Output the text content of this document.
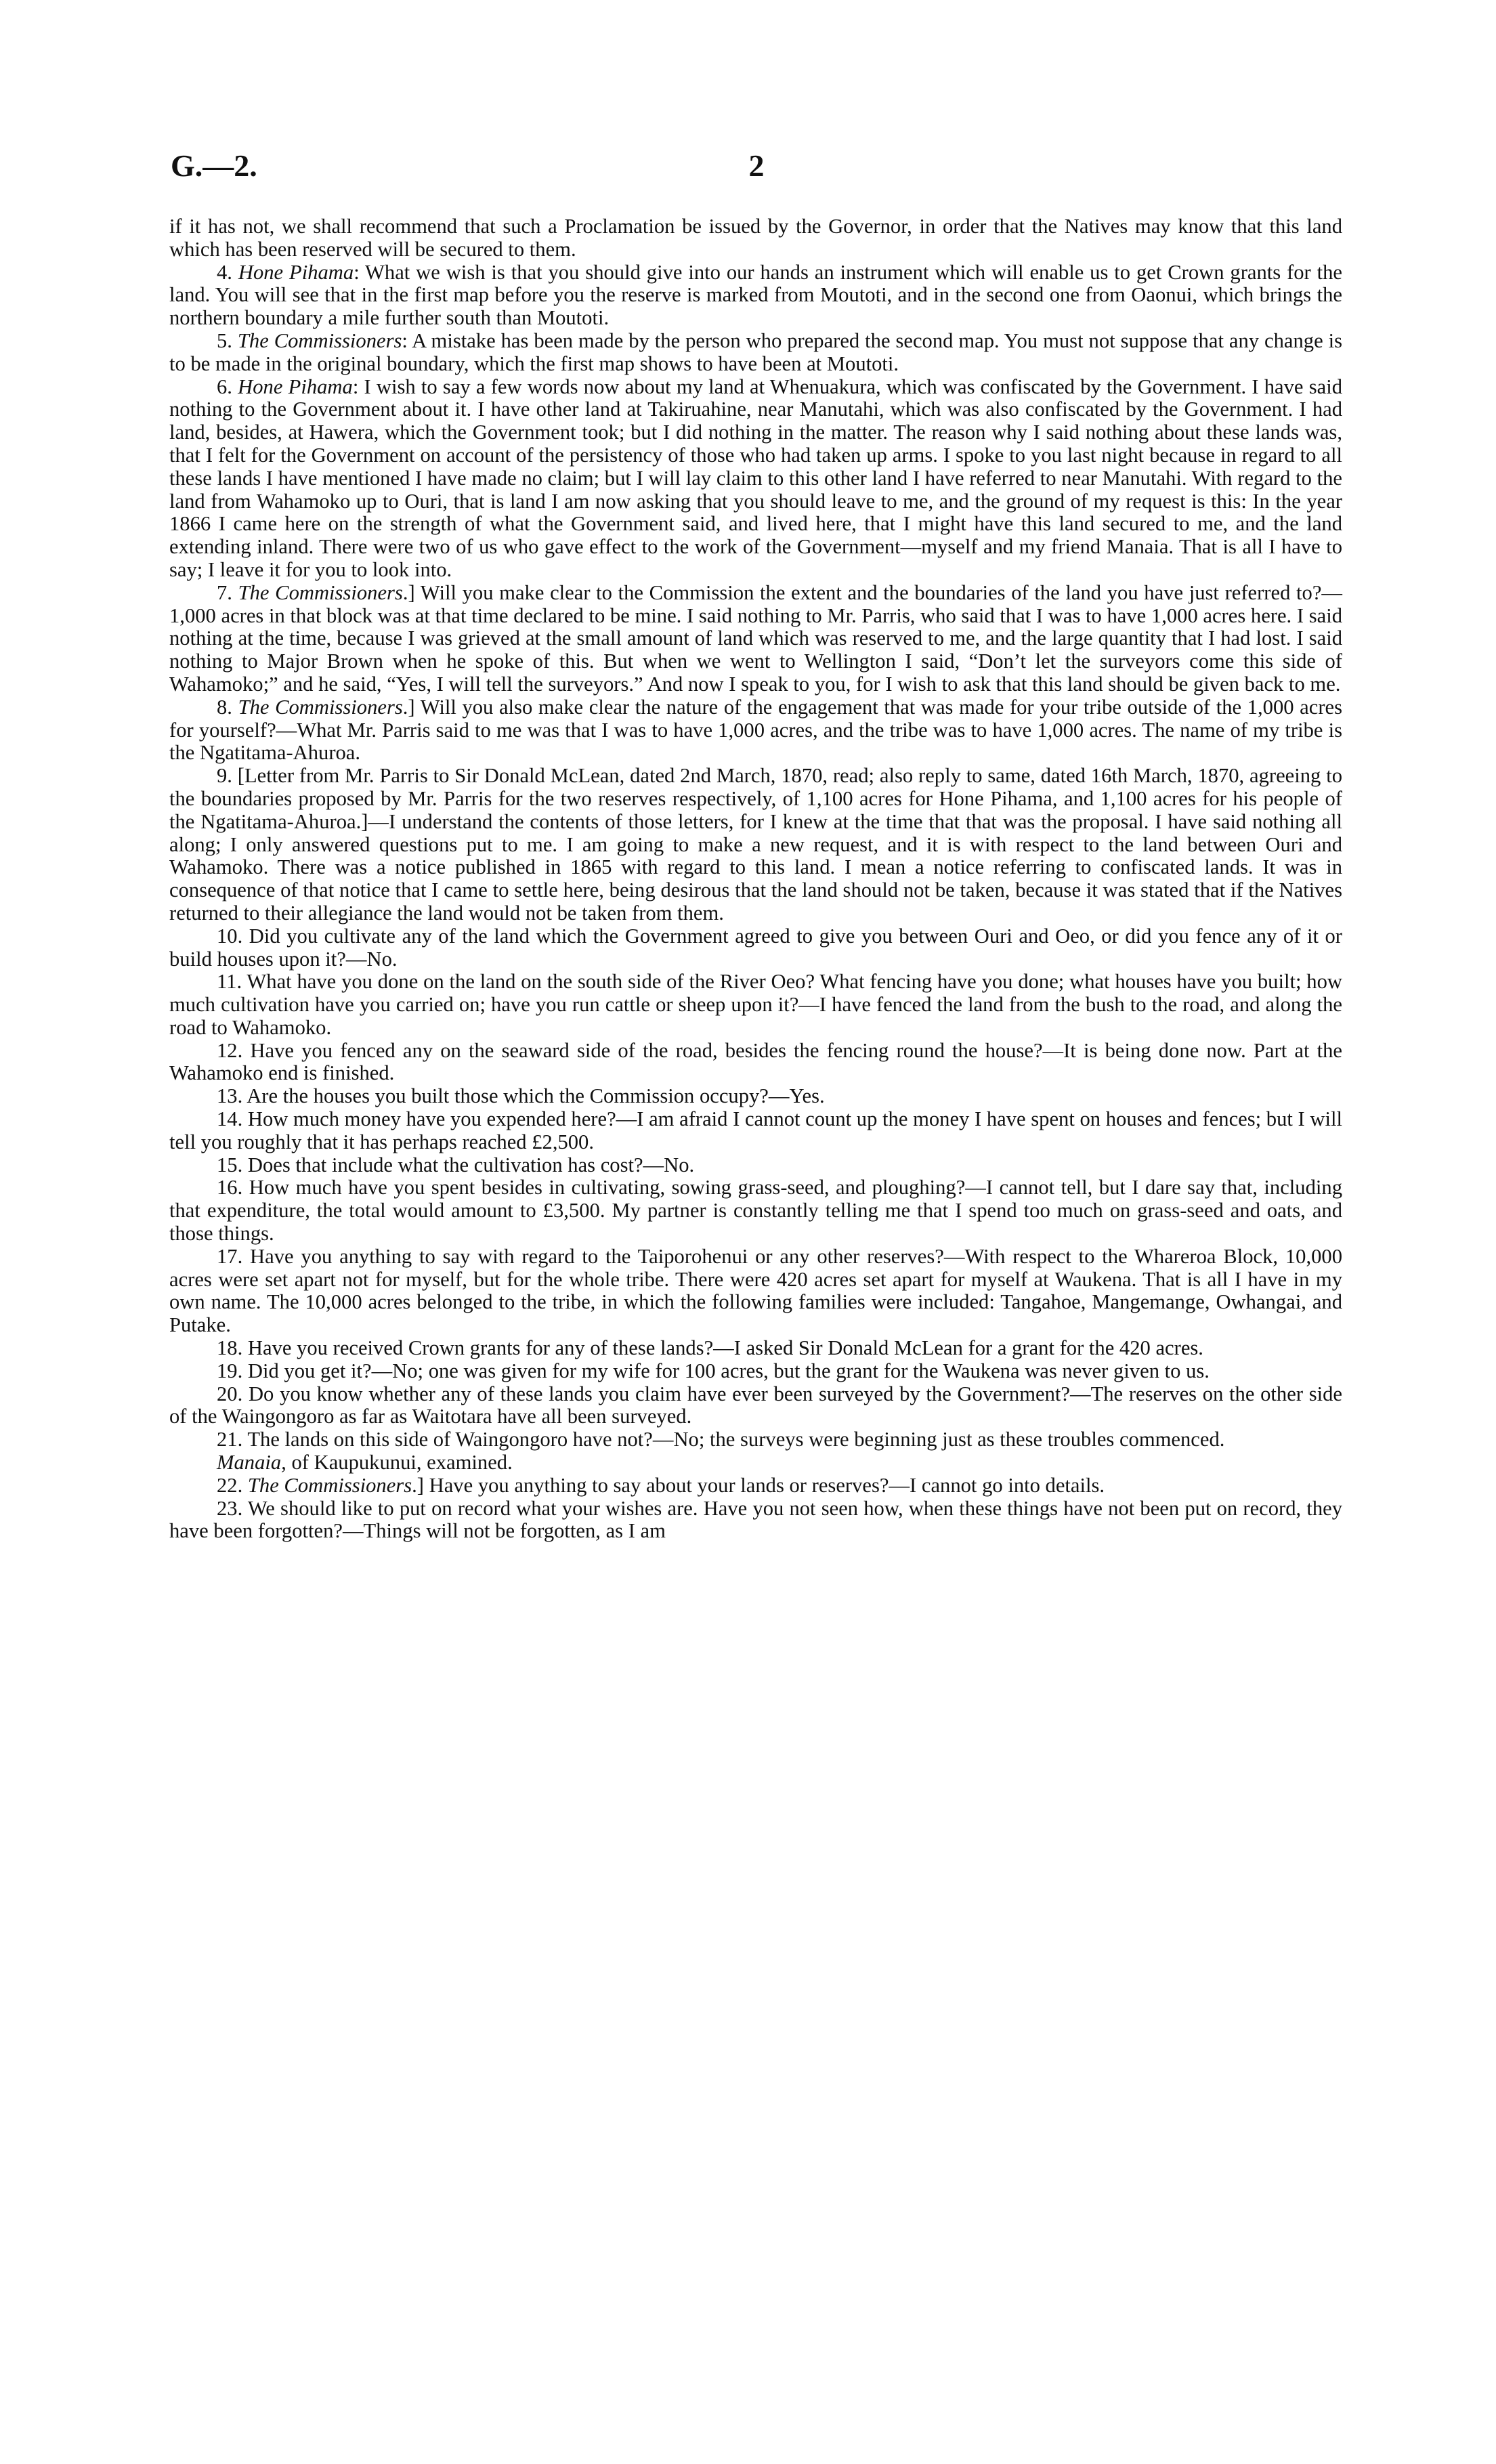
G.—2.	2

if it has not, we shall recommend that such a Proclamation be issued by the Governor, in order that the Natives may know that this land which has been reserved will be secured to them.

4. Hone Pihama: What we wish is that you should give into our hands an instrument which will enable us to get Crown grants for the land. You will see that in the first map before you the reserve is marked from Moutoti, and in the second one from Oaonui, which brings the northern boundary a mile further south than Moutoti.

5. The Commissioners: A mistake has been made by the person who prepared the second map. You must not suppose that any change is to be made in the original boundary, which the first map shows to have been at Moutoti.

6. Hone Pihama: I wish to say a few words now about my land at Whenuakura, which was confiscated by the Government. I have said nothing to the Government about it. I have other land at Takiruahine, near Manutahi, which was also confiscated by the Government. I had land, besides, at Hawera, which the Government took; but I did nothing in the matter. The reason why I said nothing about these lands was, that I felt for the Government on account of the persistency of those who had taken up arms. I spoke to you last night because in regard to all these lands I have mentioned I have made no claim; but I will lay claim to this other land I have referred to near Manutahi. With regard to the land from Wahamoko up to Ouri, that is land I am now asking that you should leave to me, and the ground of my request is this: In the year 1866 I came here on the strength of what the Government said, and lived here, that I might have this land secured to me, and the land extending inland. There were two of us who gave effect to the work of the Government—myself and my friend Manaia. That is all I have to say; I leave it for you to look into.

7. The Commissioners.] Will you make clear to the Commission the extent and the boundaries of the land you have just referred to?—1,000 acres in that block was at that time declared to be mine. I said nothing to Mr. Parris, who said that I was to have 1,000 acres here. I said nothing at the time, because I was grieved at the small amount of land which was reserved to me, and the large quantity that I had lost. I said nothing to Major Brown when he spoke of this. But when we went to Wellington I said, “Don’t let the surveyors come this side of Wahamoko;” and he said, “Yes, I will tell the surveyors.” And now I speak to you, for I wish to ask that this land should be given back to me.

8. The Commissioners.] Will you also make clear the nature of the engagement that was made for your tribe outside of the 1,000 acres for yourself?—What Mr. Parris said to me was that I was to have 1,000 acres, and the tribe was to have 1,000 acres. The name of my tribe is the Ngatitama-Ahuroa.

9. [Letter from Mr. Parris to Sir Donald McLean, dated 2nd March, 1870, read; also reply to same, dated 16th March, 1870, agreeing to the boundaries proposed by Mr. Parris for the two reserves respectively, of 1,100 acres for Hone Pihama, and 1,100 acres for his people of the Ngatitama-Ahuroa.]—I understand the contents of those letters, for I knew at the time that that was the proposal. I have said nothing all along; I only answered questions put to me. I am going to make a new request, and it is with respect to the land between Ouri and Wahamoko. There was a notice published in 1865 with regard to this land. I mean a notice referring to confiscated lands. It was in consequence of that notice that I came to settle here, being desirous that the land should not be taken, because it was stated that if the Natives returned to their allegiance the land would not be taken from them.

10. Did you cultivate any of the land which the Government agreed to give you between Ouri and Oeo, or did you fence any of it or build houses upon it?—No.

11. What have you done on the land on the south side of the River Oeo? What fencing have you done; what houses have you built; how much cultivation have you carried on; have you run cattle or sheep upon it?—I have fenced the land from the bush to the road, and along the road to Wahamoko.

12. Have you fenced any on the seaward side of the road, besides the fencing round the house?—It is being done now. Part at the Wahamoko end is finished.

13. Are the houses you built those which the Commission occupy?—Yes.

14. How much money have you expended here?—I am afraid I cannot count up the money I have spent on houses and fences; but I will tell you roughly that it has perhaps reached £2,500.

15. Does that include what the cultivation has cost?—No.

16. How much have you spent besides in cultivating, sowing grass-seed, and ploughing?—I cannot tell, but I dare say that, including that expenditure, the total would amount to £3,500. My partner is constantly telling me that I spend too much on grass-seed and oats, and those things.

17. Have you anything to say with regard to the Taiporohenui or any other reserves?—With respect to the Whareroa Block, 10,000 acres were set apart not for myself, but for the whole tribe. There were 420 acres set apart for myself at Waukena. That is all I have in my own name. The 10,000 acres belonged to the tribe, in which the following families were included: Tangahoe, Mangemange, Owhangai, and Putake.

18. Have you received Crown grants for any of these lands?—I asked Sir Donald McLean for a grant for the 420 acres.

19. Did you get it?—No; one was given for my wife for 100 acres, but the grant for the Waukena was never given to us.

20. Do you know whether any of these lands you claim have ever been surveyed by the Government?—The reserves on the other side of the Waingongoro as far as Waitotara have all been surveyed.

21. The lands on this side of Waingongoro have not?—No; the surveys were beginning just as these troubles commenced.

Manaia, of Kaupukunui, examined.

22. The Commissioners.] Have you anything to say about your lands or reserves?—I cannot go into details.

23. We should like to put on record what your wishes are. Have you not seen how, when these things have not been put on record, they have been forgotten?—Things will not be forgotten, as I am
